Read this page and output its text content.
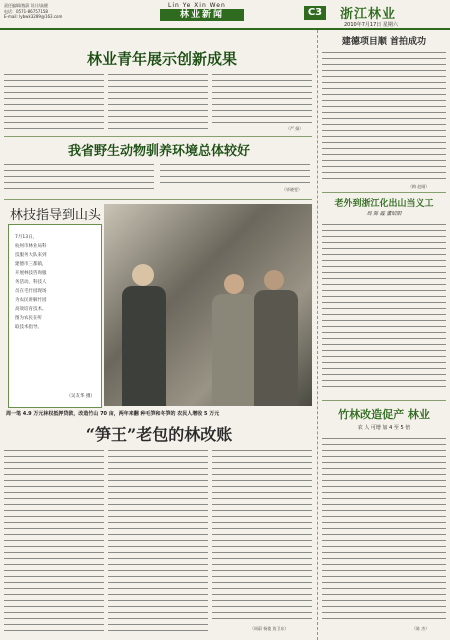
责任编辑/敖蔚 设计/高健
电话：0571-86757158
E-mail: lybwk3289@163.com
Lin Ye Xin Wen
林业新闻	C3 浙江林业
2010年7月17日 星期六
林业青年展示创新成果
（严 娟）
我省野生动物驯养环境总体较好
（毕晓雯）
林技指导到山头
7月13日，
杭州市林业局科
技服务大队来到
建德市三都镇，
开展林技咨询服
务活动。科技人
员在毛竹园现场
为农民讲解竹园
高效培育技术。
图为农民在听
取技术指导。
（吴友华 摄）
周一笔 4.9 万元林权抵押贷款，改造竹山 70 亩，两年来翻 种毛笋和冬笋的 农民人增收 5 万元
“笋王”老包的林改账
（周蔚 杨俊 詹卫东）
建德项目顺 首拍成功
（梅 赵刚）
老外到浙江化出山当义工
周 陈 霞 董昭阳
竹林改造促产 林业
农 人 可增 加 4 至 5 倍
（陈 杰）
